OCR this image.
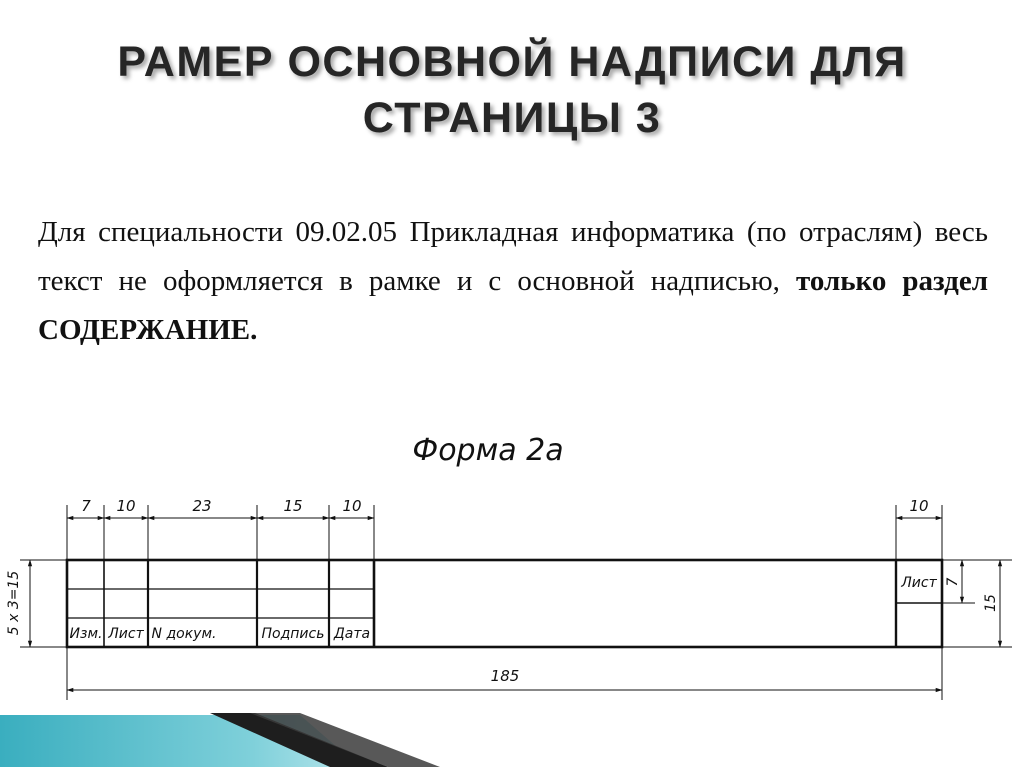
РАМЕР ОСНОВНОЙ НАДПИСИ ДЛЯ
СТРАНИЦЫ 3
Для специальности 09.02.05 Прикладная информатика (по отраслям) весь текст не оформляется в рамке и с основной надписью, только раздел СОДЕРЖАНИЕ.
Форма 2а
7 10	23	15	10	10
Изм. Лист N докум.	Подпись Дата
Лист
5 x 3=15	7
15
185
